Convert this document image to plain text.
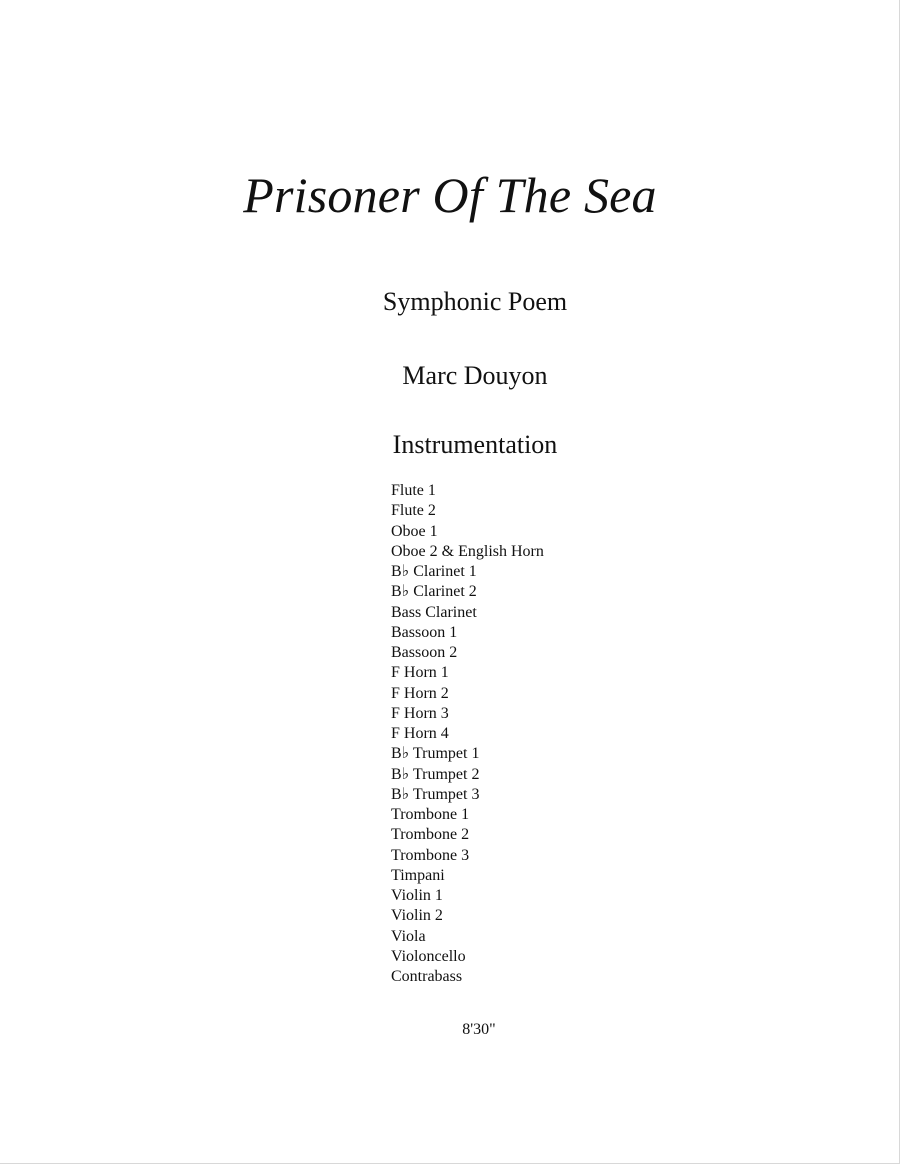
Prisoner Of The Sea
Symphonic Poem
Marc Douyon
Instrumentation
Flute 1
Flute 2
Oboe 1
Oboe 2 & English Horn
B♭ Clarinet 1
B♭ Clarinet 2
Bass Clarinet
Bassoon 1
Bassoon 2
F Horn 1
F Horn 2
F Horn 3
F Horn 4
B♭ Trumpet 1
B♭ Trumpet 2
B♭ Trumpet 3
Trombone 1
Trombone 2
Trombone 3
Timpani
Violin 1
Violin 2
Viola
Violoncello
Contrabass
8'30"
